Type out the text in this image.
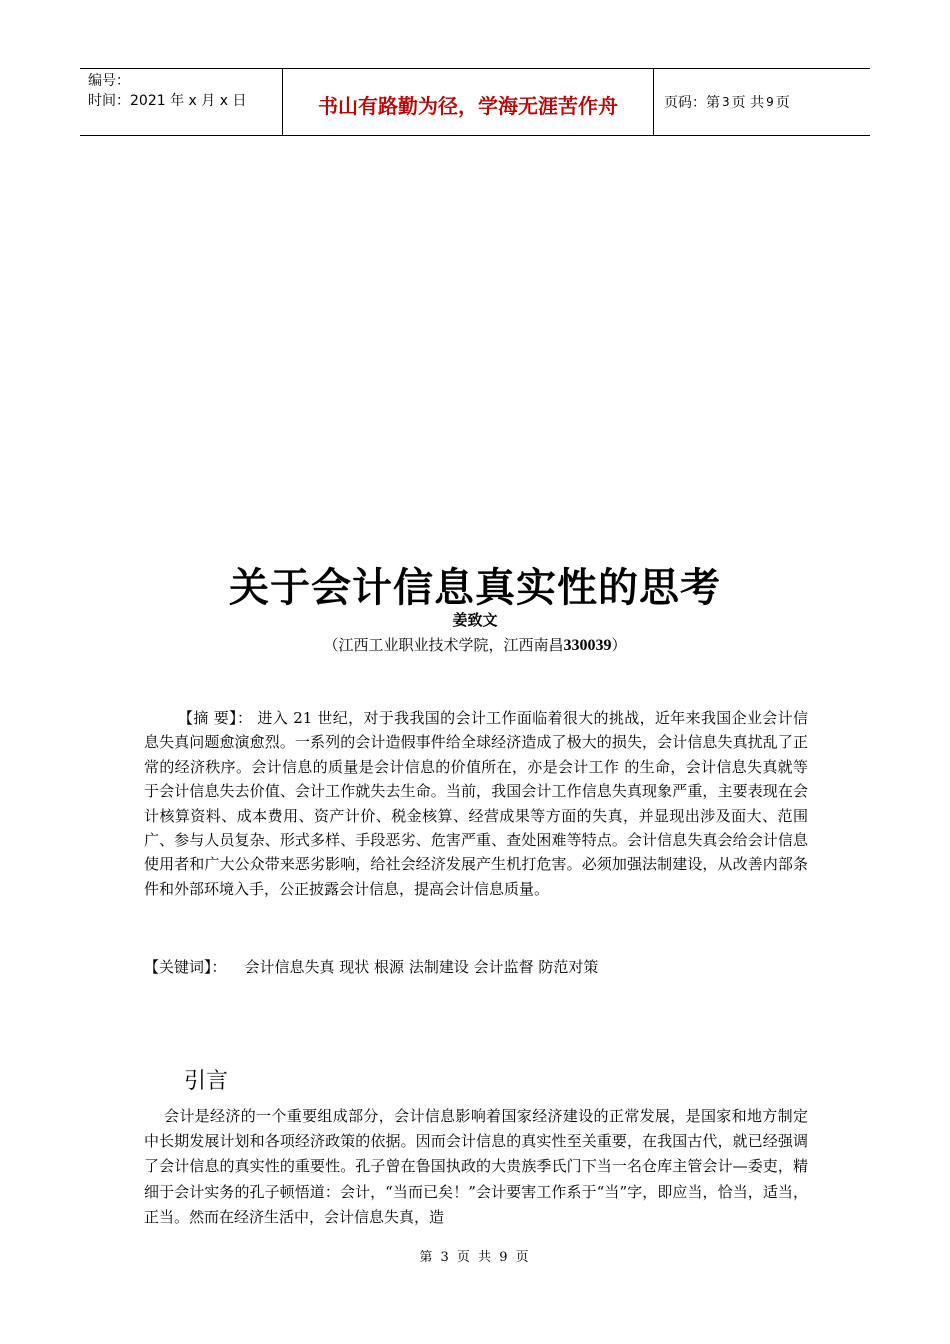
编号：
时间：2021 年 x 月 x 日	书山有路勤为径，学海无涯苦作舟	页码：第 3 页 共 9 页
关于会计信息真实性的思考
姜致文
（江西工业职业技术学院，江西南昌330039）

【摘 要】： 进入 21 世纪，对于我我国的会计工作面临着很大的挑战，近年来我国企业会计信息失真问题愈演愈烈。一系列的会计造假事件给全球经济造成了极大的损失，会计信息失真扰乱了正常的经济秩序。会计信息的质量是会计信息的价值所在，亦是会计工作 的生命，会计信息失真就等于会计信息失去价值、会计工作就失去生命。当前，我国会计工作信息失真现象严重，主要表现在会计核算资料、成本费用、资产计价、税金核算、经营成果等方面的失真，并显现出涉及面大、范围广、参与人员复杂、形式多样、手段恶劣、危害严重、查处困难等特点。会计信息失真会给会计信息使用者和广大公众带来恶劣影响，给社会经济发展产生机打危害。必须加强法制建设，从改善内部条件和外部环境入手，公正披露会计信息，提高会计信息质量。

【关键词】： 会计信息失真 现状 根源 法制建设 会计监督 防范对策

引言

会计是经济的一个重要组成部分，会计信息影响着国家经济建设的正常发展，是国家和地方制定中长期发展计划和各项经济政策的依据。因而会计信息的真实性至关重要，在我国古代，就已经强调了会计信息的真实性的重要性。孔子曾在鲁国执政的大贵族季氏门下当一名仓库主管会计—委吏，精细于会计实务的孔子顿悟道：会计，“当而已矣！”会计要害工作系于“当”字，即应当，恰当，适当，正当。然而在经济生活中，会计信息失真，造

第 3 页 共 9 页
